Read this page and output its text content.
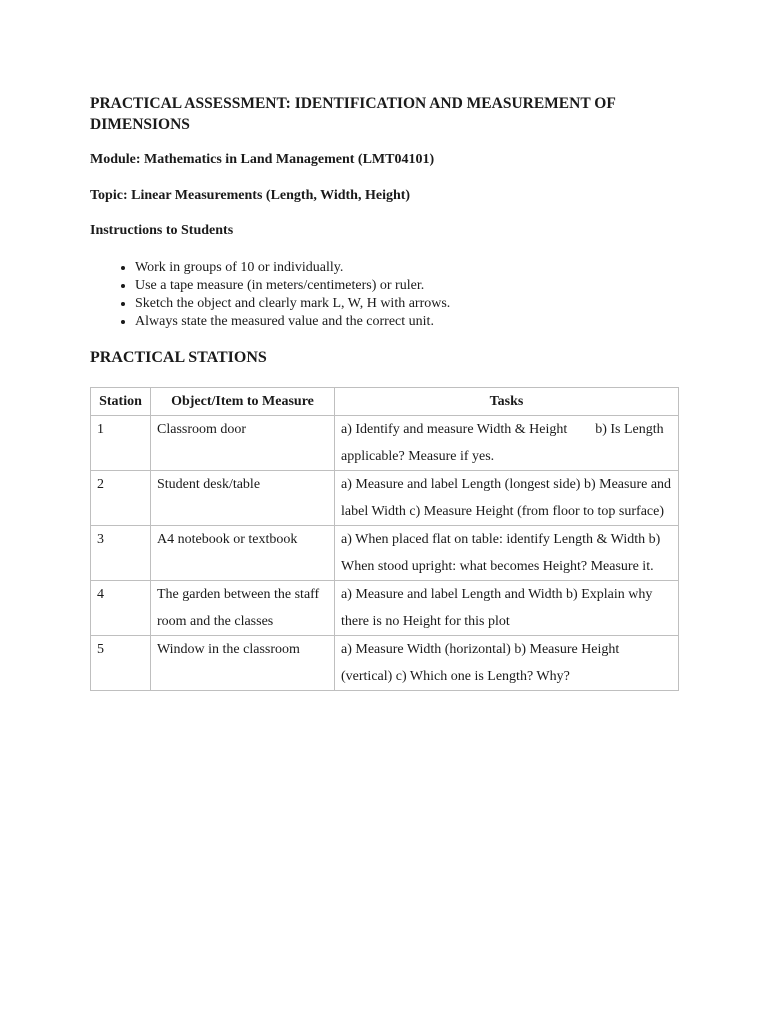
PRACTICAL ASSESSMENT: IDENTIFICATION AND MEASUREMENT OF DIMENSIONS

Module: Mathematics in Land Management (LMT04101)

Topic: Linear Measurements (Length, Width, Height)

Instructions to Students

• Work in groups of 10 or individually.
• Use a tape measure (in meters/centimeters) or ruler.
• Sketch the object and clearly mark L, W, H with arrows.
• Always state the measured value and the correct unit.
PRACTICAL STATIONS
Station	Object/Item to Measure	Tasks
1	Classroom door	a) Identify and measure Width & Height        b) Is Length applicable? Measure if yes.
2	Student desk/table	a) Measure and label Length (longest side) b) Measure and label Width c) Measure Height (from floor to top surface)
3	A4 notebook or textbook	a) When placed flat on table: identify Length & Width b) When stood upright: what becomes Height? Measure it.
4	The garden between the staff room and the classes	a) Measure and label Length and Width b) Explain why there is no Height for this plot
5	Window in the classroom	a) Measure Width (horizontal) b) Measure Height (vertical) c) Which one is Length? Why?
